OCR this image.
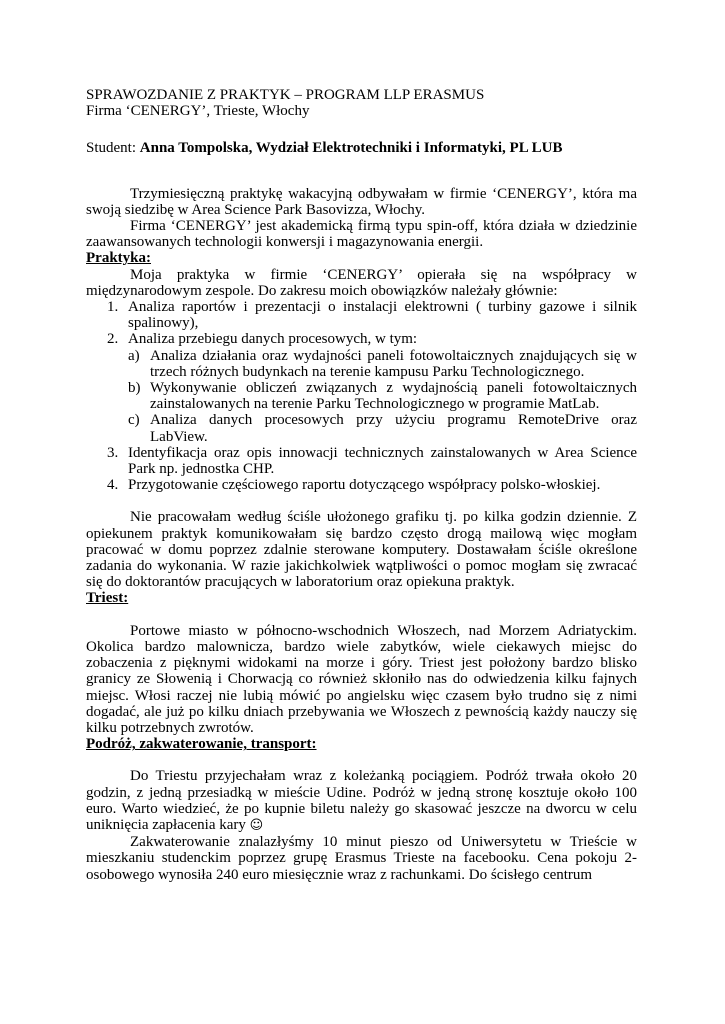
SPRAWOZDANIE Z PRAKTYK – PROGRAM LLP ERASMUS

Firma ‘CENERGY’, Trieste, Włochy

Student: Anna Tompolska, Wydział Elektrotechniki i Informatyki, PL LUB

Trzymiesięczną praktykę wakacyjną odbywałam w firmie ‘CENERGY’, która ma swoją siedzibę w Area Science Park Basovizza, Włochy.

Firma ‘CENERGY’ jest akademicką firmą typu spin-off, która działa w dziedzinie zaawansowanych technologii konwersji i magazynowania energii.

Praktyka:

Moja praktyka w firmie ‘CENERGY’ opierała się na współpracy w międzynarodowym zespole. Do zakresu moich obowiązków należały głównie:

1. Analiza raportów i prezentacji o instalacji elektrowni ( turbiny gazowe i silnik spalinowy),
2. Analiza przebiegu danych procesowych, w tym:
a) Analiza działania oraz wydajności paneli fotowoltaicznych znajdujących się w trzech różnych budynkach na terenie kampusu Parku Technologicznego.
b) Wykonywanie obliczeń związanych z wydajnością paneli fotowoltaicznych zainstalowanych na terenie Parku Technologicznego w programie MatLab.
c) Analiza danych procesowych przy użyciu programu RemoteDrive oraz LabView.
3. Identyfikacja oraz opis innowacji technicznych zainstalowanych w Area Science Park np. jednostka CHP.
4. Przygotowanie częściowego raportu dotyczącego współpracy polsko-włoskiej.

Nie pracowałam według ściśle ułożonego grafiku tj. po kilka godzin dziennie. Z opiekunem praktyk komunikowałam się bardzo często drogą mailową więc mogłam pracować w domu poprzez zdalnie sterowane komputery. Dostawałam ściśle określone zadania do wykonania. W razie jakichkolwiek wątpliwości o pomoc mogłam się zwracać się do doktorantów pracujących w laboratorium oraz opiekuna praktyk.

Triest:

Portowe miasto w północno-wschodnich Włoszech, nad Morzem Adriatyckim. Okolica bardzo malownicza, bardzo wiele zabytków, wiele ciekawych miejsc do zobaczenia z pięknymi widokami na morze i góry. Triest jest położony bardzo blisko granicy ze Słowenią i Chorwacją co również skłoniło nas do odwiedzenia kilku fajnych miejsc. Włosi raczej nie lubią mówić po angielsku więc czasem było trudno się z nimi dogadać, ale już po kilku dniach przebywania we Włoszech z pewnością każdy nauczy się kilku potrzebnych zwrotów.

Podróż, zakwaterowanie, transport:

Do Triestu przyjechałam wraz z koleżanką pociągiem. Podróż trwała około 20 godzin, z jedną przesiadką w mieście Udine. Podróż w jedną stronę kosztuje około 100 euro. Warto wiedzieć, że po kupnie biletu należy go skasować jeszcze na dworcu w celu uniknięcia zapłacenia kary ☺

Zakwaterowanie znalazłyśmy 10 minut pieszo od Uniwersytetu w Trieście w mieszkaniu studenckim poprzez grupę Erasmus Trieste na facebooku. Cena pokoju 2-osobowego wynosiła 240 euro miesięcznie wraz z rachunkami. Do ścisłego centrum
